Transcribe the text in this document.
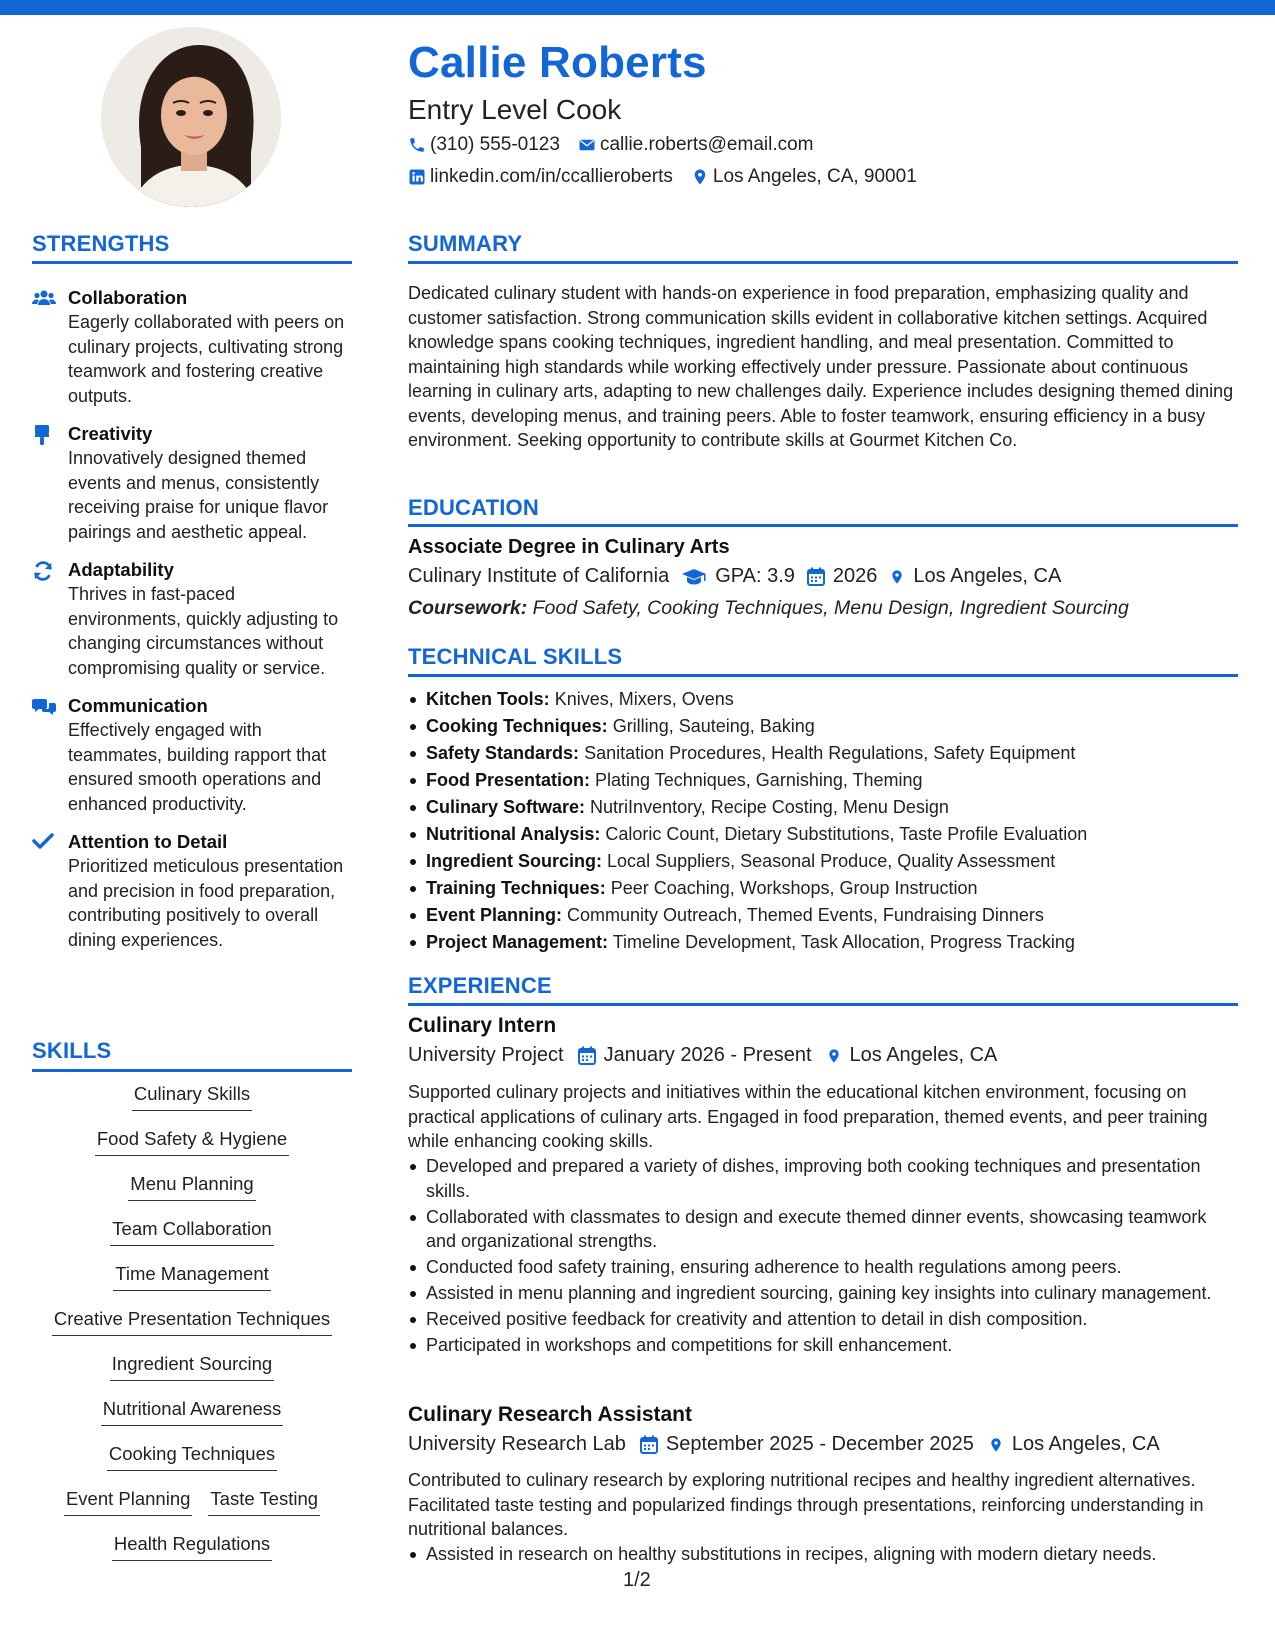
Callie Roberts
Entry Level Cook
(310) 555-0123 callie.roberts@email.com
linkedin.com/in/ccallieroberts Los Angeles, CA, 90001
STRENGTHS
Collaboration
Eagerly collaborated with peers on culinary projects, cultivating strong teamwork and fostering creative outputs.
Creativity
Innovatively designed themed events and menus, consistently receiving praise for unique flavor pairings and aesthetic appeal.
Adaptability
Thrives in fast-paced environments, quickly adjusting to changing circumstances without compromising quality or service.
Communication
Effectively engaged with teammates, building rapport that ensured smooth operations and enhanced productivity.
Attention to Detail
Prioritized meticulous presentation and precision in food preparation, contributing positively to overall dining experiences.
SKILLS
Culinary Skills
Food Safety & Hygiene
Menu Planning
Team Collaboration
Time Management
Creative Presentation Techniques
Ingredient Sourcing
Nutritional Awareness
Cooking Techniques
Event Planning Taste Testing
Health Regulations
SUMMARY
Dedicated culinary student with hands-on experience in food preparation, emphasizing quality and customer satisfaction. Strong communication skills evident in collaborative kitchen settings. Acquired knowledge spans cooking techniques, ingredient handling, and meal presentation. Committed to maintaining high standards while working effectively under pressure. Passionate about continuous learning in culinary arts, adapting to new challenges daily. Experience includes designing themed dining events, developing menus, and training peers. Able to foster teamwork, ensuring efficiency in a busy environment. Seeking opportunity to contribute skills at Gourmet Kitchen Co.
EDUCATION
Associate Degree in Culinary Arts
Culinary Institute of California GPA: 3.9 2026 Los Angeles, CA
Coursework: Food Safety, Cooking Techniques, Menu Design, Ingredient Sourcing
TECHNICAL SKILLS
Kitchen Tools: Knives, Mixers, Ovens
Cooking Techniques: Grilling, Sauteing, Baking
Safety Standards: Sanitation Procedures, Health Regulations, Safety Equipment
Food Presentation: Plating Techniques, Garnishing, Theming
Culinary Software: NutriInventory, Recipe Costing, Menu Design
Nutritional Analysis: Caloric Count, Dietary Substitutions, Taste Profile Evaluation
Ingredient Sourcing: Local Suppliers, Seasonal Produce, Quality Assessment
Training Techniques: Peer Coaching, Workshops, Group Instruction
Event Planning: Community Outreach, Themed Events, Fundraising Dinners
Project Management: Timeline Development, Task Allocation, Progress Tracking
EXPERIENCE
Culinary Intern
University Project January 2026 - Present Los Angeles, CA
Supported culinary projects and initiatives within the educational kitchen environment, focusing on practical applications of culinary arts. Engaged in food preparation, themed events, and peer training while enhancing cooking skills.
Developed and prepared a variety of dishes, improving both cooking techniques and presentation skills.
Collaborated with classmates to design and execute themed dinner events, showcasing teamwork and organizational strengths.
Conducted food safety training, ensuring adherence to health regulations among peers.
Assisted in menu planning and ingredient sourcing, gaining key insights into culinary management.
Received positive feedback for creativity and attention to detail in dish composition.
Participated in workshops and competitions for skill enhancement.
Culinary Research Assistant
University Research Lab September 2025 - December 2025 Los Angeles, CA
Contributed to culinary research by exploring nutritional recipes and healthy ingredient alternatives. Facilitated taste testing and popularized findings through presentations, reinforcing understanding in nutritional balances.
Assisted in research on healthy substitutions in recipes, aligning with modern dietary needs.
1/2
